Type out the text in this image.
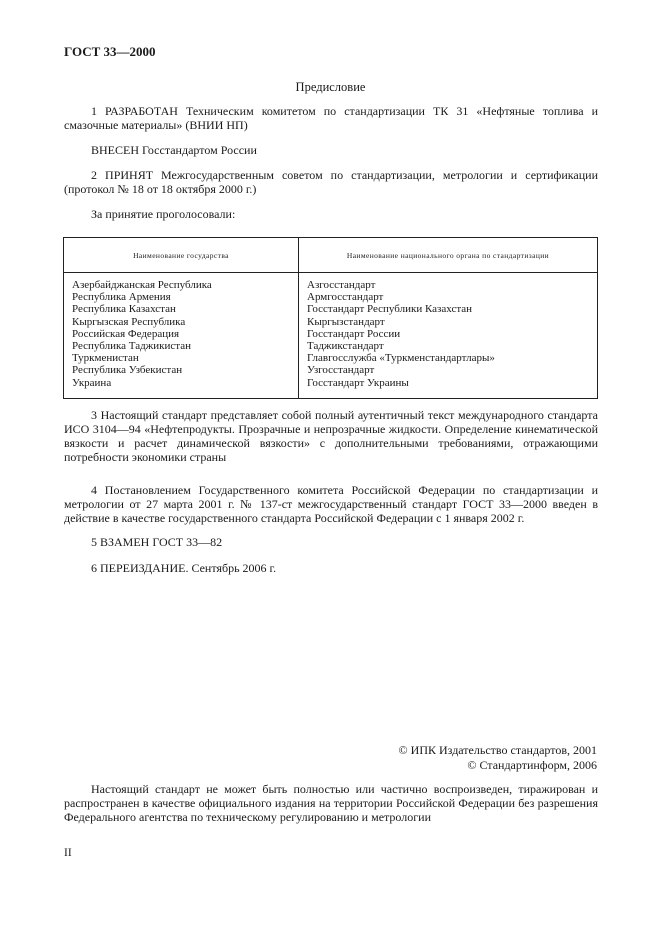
ГОСТ 33—2000
Предисловие
1 РАЗРАБОТАН Техническим комитетом по стандартизации ТК 31 «Нефтяные топлива и смазочные материалы» (ВНИИ НП)
ВНЕСЕН Госстандартом России
2 ПРИНЯТ Межгосударственным советом по стандартизации, метрологии и сертификации (протокол № 18 от 18 октября 2000 г.)
За принятие проголосовали:
Наименование государства	Наименование национального органа по стандартизации
Азербайджанская Республика
Республика Армения
Республика Казахстан
Кыргызская Республика
Российская Федерация
Республика Таджикистан
Туркменистан
Республика Узбекистан
Украина
Азгосстандарт
Армгосстандарт
Госстандарт Республики Казахстан
Кыргызстандарт
Госстандарт России
Таджикстандарт
Главгосслужба «Туркменстандартлары»
Узгосстандарт
Госстандарт Украины
3 Настоящий стандарт представляет собой полный аутентичный текст международного стандарта ИСО 3104—94 «Нефтепродукты. Прозрачные и непрозрачные жидкости. Определение кинематической вязкости и расчет динамической вязкости» с дополнительными требованиями, отражающими потребности экономики страны
4 Постановлением Государственного комитета Российской Федерации по стандартизации и метрологии от 27 марта 2001 г. № 137-ст межгосударственный стандарт ГОСТ 33—2000 введен в действие в качестве государственного стандарта Российской Федерации с 1 января 2002 г.
5 ВЗАМЕН ГОСТ 33—82
6 ПЕРЕИЗДАНИЕ. Сентябрь 2006 г.
© ИПК Издательство стандартов, 2001
© Стандартинформ, 2006
Настоящий стандарт не может быть полностью или частично воспроизведен, тиражирован и распространен в качестве официального издания на территории Российской Федерации без разрешения Федерального агентства по техническому регулированию и метрологии
II
